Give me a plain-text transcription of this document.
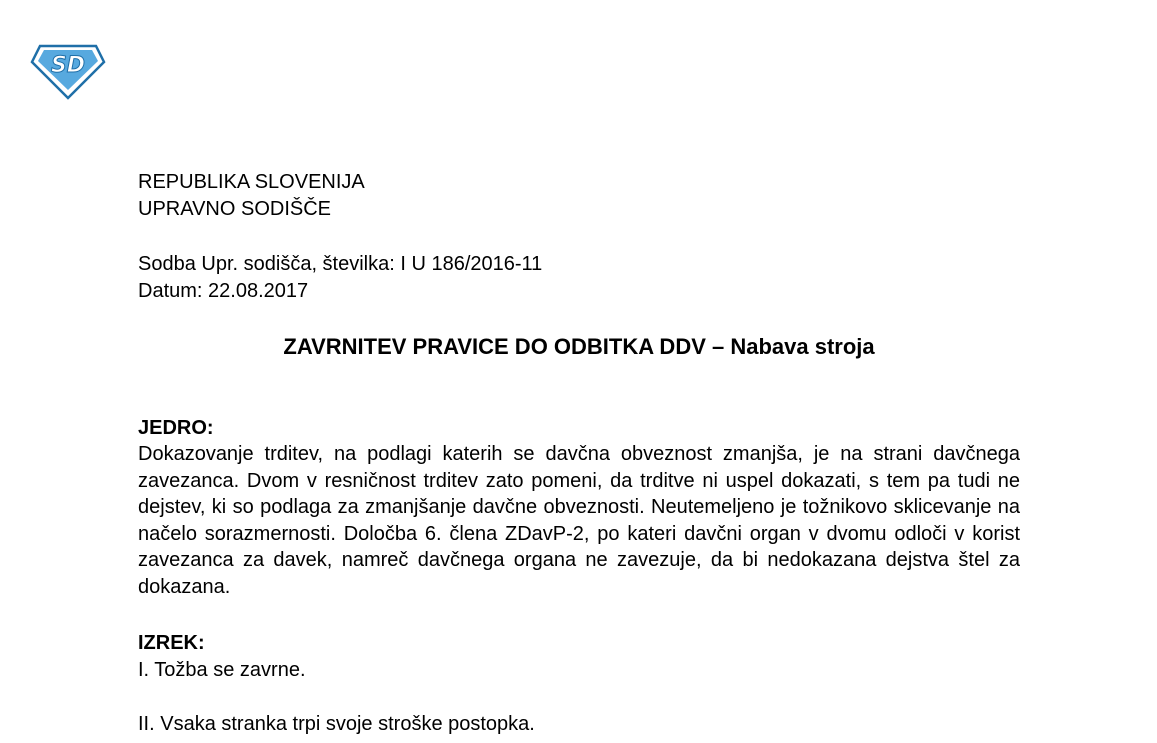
SD
REPUBLIKA SLOVENIJA
UPRAVNO SODIŠČE
Sodba Upr. sodišča, številka: I U 186/2016-11
Datum: 22.08.2017
ZAVRNITEV PRAVICE DO ODBITKA DDV – Nabava stroja
JEDRO:
Dokazovanje trditev, na podlagi katerih se davčna obveznost zmanjša, je na strani davčnega zavezanca. Dvom v resničnost trditev zato pomeni, da trditve ni uspel dokazati, s tem pa tudi ne dejstev, ki so podlaga za zmanjšanje davčne obveznosti. Neutemeljeno je tožnikovo sklicevanje na načelo sorazmernosti. Določba 6. člena ZDavP-2, po kateri davčni organ v dvomu odloči v korist zavezanca za davek, namreč davčnega organa ne zavezuje, da bi nedokazana dejstva štel za dokazana.
IZREK:
I. Tožba se zavrne.
II. Vsaka stranka trpi svoje stroške postopka.
